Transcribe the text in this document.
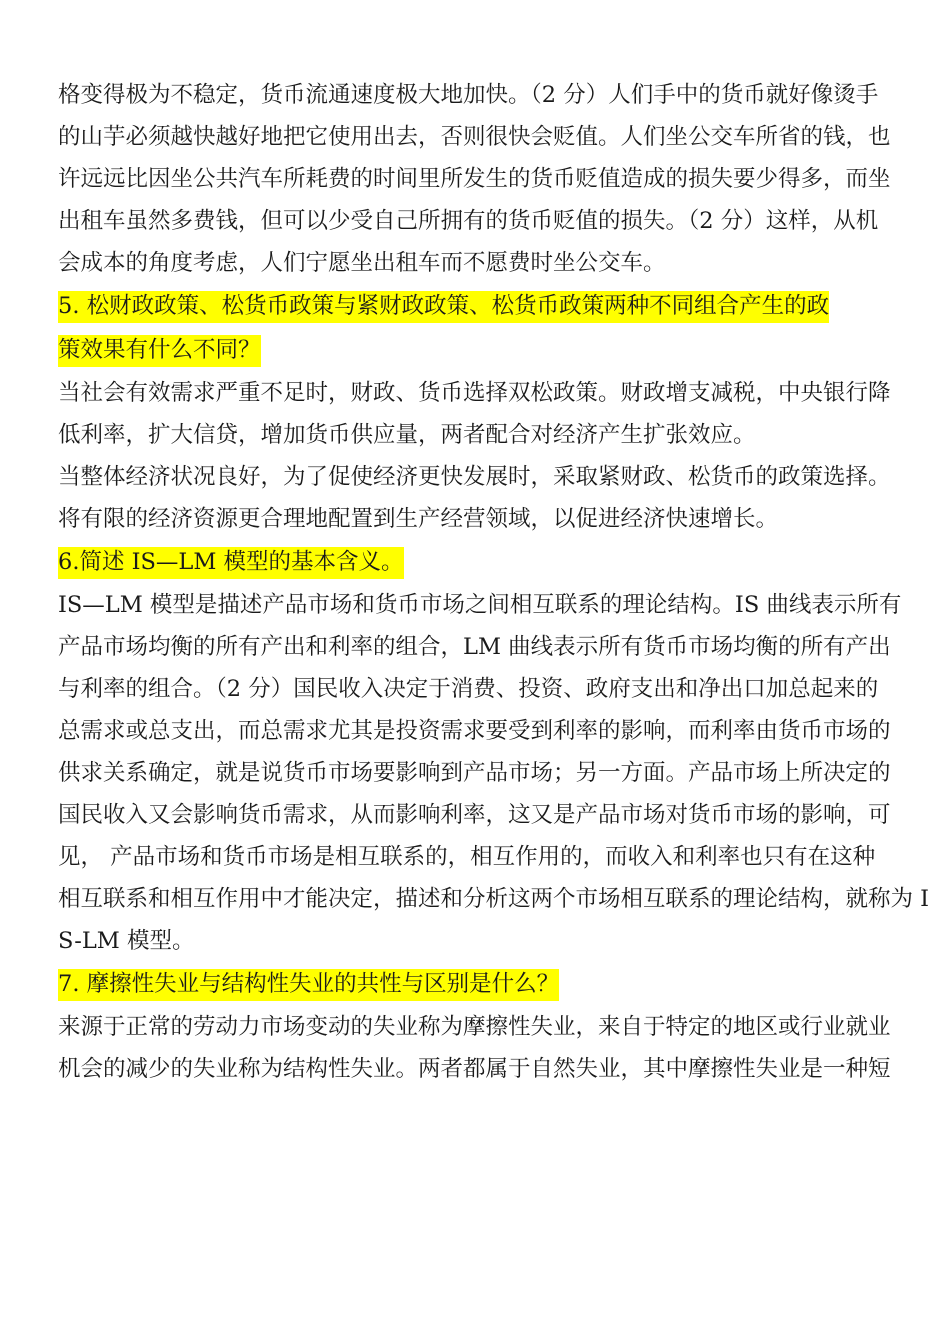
格变得极为不稳定，货币流通速度极大地加快。（2 分）人们手中的货币就好像烫手
的山芋必须越快越好地把它使用出去，否则很快会贬值。人们坐公交车所省的钱，也
许远远比因坐公共汽车所耗费的时间里所发生的货币贬值造成的损失要少得多，而坐
出租车虽然多费钱，但可以少受自己所拥有的货币贬值的损失。（2 分）这样，从机
会成本的角度考虑，人们宁愿坐出租车而不愿费时坐公交车。
5. 松财政政策、松货币政策与紧财政政策、松货币政策两种不同组合产生的政
策效果有什么不同？
当社会有效需求严重不足时，财政、货币选择双松政策。财政增支减税，中央银行降
低利率，扩大信贷，增加货币供应量，两者配合对经济产生扩张效应。
当整体经济状况良好，为了促使经济更快发展时，采取紧财政、松货币的政策选择。
将有限的经济资源更合理地配置到生产经营领域，以促进经济快速增长。
6.简述 IS—LM 模型的基本含义。
IS—LM 模型是描述产品市场和货币市场之间相互联系的理论结构。IS 曲线表示所有
产品市场均衡的所有产出和利率的组合，LM 曲线表示所有货币市场均衡的所有产出
与利率的组合。（2 分）国民收入决定于消费、投资、政府支出和净出口加总起来的
总需求或总支出，而总需求尤其是投资需求要受到利率的影响，而利率由货币市场的
供求关系确定，就是说货币市场要影响到产品市场；另一方面。产品市场上所决定的
国民收入又会影响货币需求，从而影响利率，这又是产品市场对货币市场的影响，可
见， 产品市场和货币市场是相互联系的，相互作用的，而收入和利率也只有在这种
相互联系和相互作用中才能决定，描述和分析这两个市场相互联系的理论结构，就称为 I
S-LM 模型。
7. 摩擦性失业与结构性失业的共性与区别是什么？
来源于正常的劳动力市场变动的失业称为摩擦性失业，来自于特定的地区或行业就业
机会的减少的失业称为结构性失业。两者都属于自然失业，其中摩擦性失业是一种短
